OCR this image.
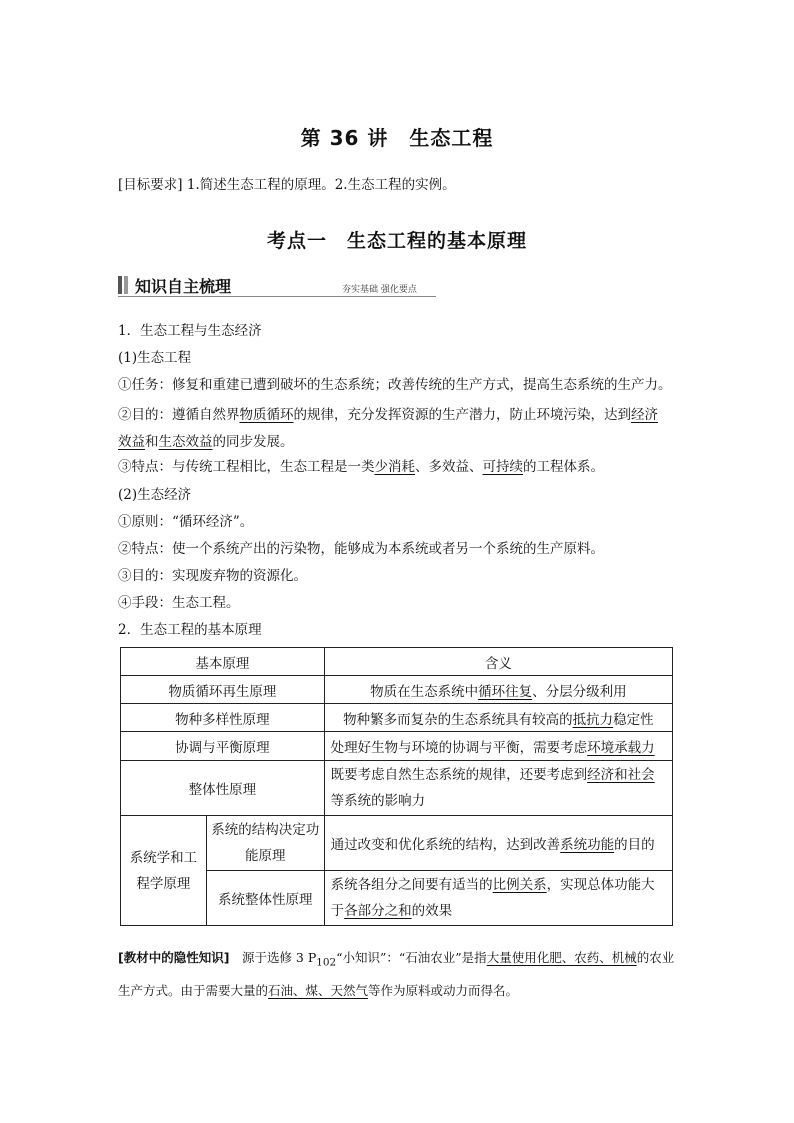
第 36 讲　生态工程
[目标要求] 1.简述生态工程的原理。2.生态工程的实例。
考点一　生态工程的基本原理
知识自主梳理	夯实基础 强化要点
1．生态工程与生态经济
(1)生态工程
①任务：修复和重建已遭到破坏的生态系统；改善传统的生产方式，提高生态系统的生产力。
②目的：遵循自然界物质循环的规律，充分发挥资源的生产潜力，防止环境污染，达到经济
效益和生态效益的同步发展。
③特点：与传统工程相比，生态工程是一类少消耗、多效益、可持续的工程体系。
(2)生态经济
①原则：“循环经济”。
②特点：使一个系统产出的污染物，能够成为本系统或者另一个系统的生产原料。
③目的：实现废弃物的资源化。
④手段：生态工程。
2．生态工程的基本原理
基本原理		含义
物质循环再生原理		物质在生态系统中循环往复、分层分级利用
物种多样性原理		物种繁多而复杂的生态系统具有较高的抵抗力稳定性
协调与平衡原理		处理好生物与环境的协调与平衡，需要考虑环境承载力
整体性原理		既要考虑自然生态系统的规律，还要考虑到经济和社会等系统的影响力
系统学和工程学原理	系统的结构决定功能原理	通过改变和优化系统的结构，达到改善系统功能的目的
	系统整体性原理	系统各组分之间要有适当的比例关系，实现总体功能大于各部分之和的效果
[教材中的隐性知识]　源于选修 3 $P_{102}“$小知识”：“石油农业”是指大量使用化肥、农药、机械的农业生产方式。由于需要大量的石油、煤、天然气等作为原料或动力而得名。
